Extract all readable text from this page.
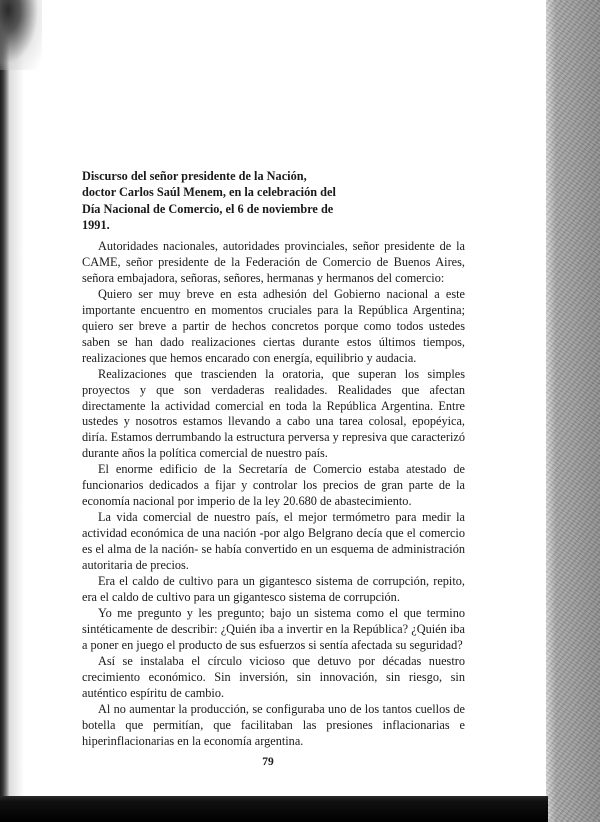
Discurso del señor presidente de la Nación, doctor Carlos Saúl Menem, en la celebración del Día Nacional de Comercio, el 6 de noviembre de 1991.

Autoridades nacionales, autoridades provinciales, señor presidente de la CAME, señor presidente de la Federación de Comercio de Buenos Aires, señora embajadora, señoras, señores, hermanas y hermanos del comercio:

Quiero ser muy breve en esta adhesión del Gobierno nacional a este importante encuentro en momentos cruciales para la República Argentina; quiero ser breve a partir de hechos concretos porque como todos ustedes saben se han dado realizaciones ciertas durante estos últimos tiempos, realizaciones que hemos encarado con energía, equilibrio y audacia.

Realizaciones que trascienden la oratoria, que superan los simples proyectos y que son verdaderas realidades. Realidades que afectan directamente la actividad comercial en toda la República Argentina. Entre ustedes y nosotros estamos llevando a cabo una tarea colosal, epopéyica, diría. Estamos derrumbando la estructura perversa y represiva que caracterizó durante años la política comercial de nuestro país.

El enorme edificio de la Secretaría de Comercio estaba atestado de funcionarios dedicados a fijar y controlar los precios de gran parte de la economía nacional por imperio de la ley 20.680 de abastecimiento.

La vida comercial de nuestro país, el mejor termómetro para medir la actividad económica de una nación -por algo Belgrano decía que el comercio es el alma de la nación- se había convertido en un esquema de administración autoritaria de precios.

Era el caldo de cultivo para un gigantesco sistema de corrupción, repito, era el caldo de cultivo para un gigantesco sistema de corrupción.

Yo me pregunto y les pregunto; bajo un sistema como el que termino sintéticamente de describir: ¿Quién iba a invertir en la República? ¿Quién iba a poner en juego el producto de sus esfuerzos si sentía afectada su seguridad?

Así se instalaba el círculo vicioso que detuvo por décadas nuestro crecimiento económico. Sin inversión, sin innovación, sin riesgo, sin auténtico espíritu de cambio.

Al no aumentar la producción, se configuraba uno de los tantos cuellos de botella que permitían, que facilitaban las presiones inflacionarias e hiperinflacionarias en la economía argentina.

79
